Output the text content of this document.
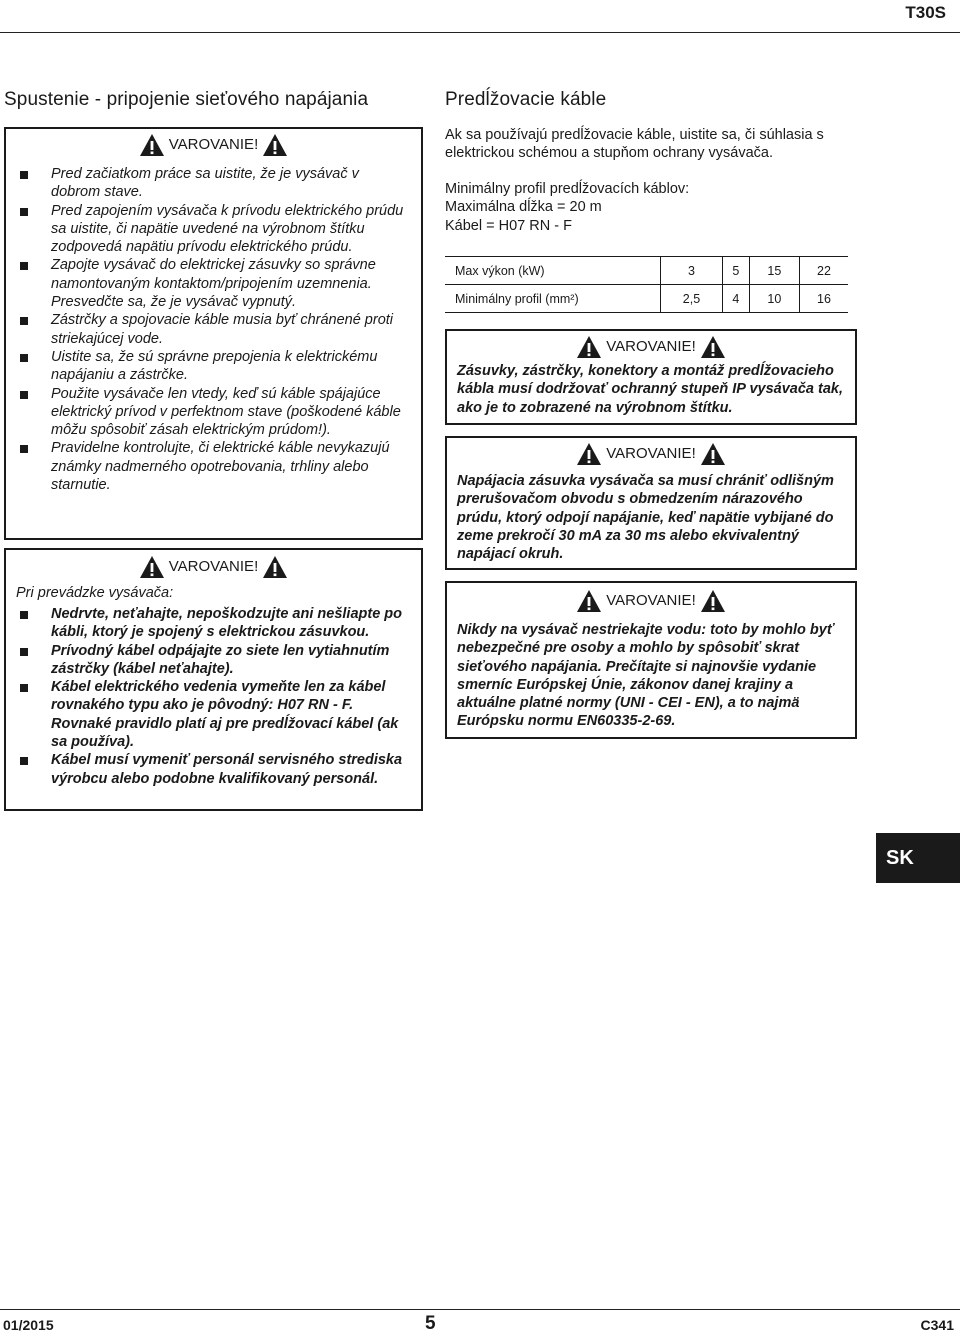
T30S
Spustenie - pripojenie sieťového napájania
VAROVANIE!
Pred začiatkom práce sa uistite, že je vysávač v dobrom stave.
Pred zapojením vysávača k prívodu elektrického prúdu sa uistite, či napätie uvedené na výrobnom štítku zodpovedá napätiu prívodu elektrického prúdu.
Zapojte vysávač do elektrickej zásuvky so správne namontovaným kontaktom/pripojením uzemnenia. Presvedčte sa, že je vysávač vypnutý.
Zástrčky a spojovacie káble musia byť chránené proti striekajúcej vode.
Uistite sa, že sú správne prepojenia k elektrickému napájaniu a zástrčke.
Použite vysávače len vtedy, keď sú káble spájajúce elektrický prívod v perfektnom stave (poškodené káble môžu spôsobiť zásah elektrickým prúdom!).
Pravidelne kontrolujte, či elektrické káble nevykazujú známky nadmerného opotrebovania, trhliny alebo starnutie.
VAROVANIE!
Pri prevádzke vysávača:
Nedrvte, neťahajte, nepoškodzujte ani nešliapte po kábli, ktorý je spojený s elektrickou zásuvkou.
Prívodný kábel odpájajte zo siete len vytiahnutím zástrčky (kábel neťahajte).
Kábel elektrického vedenia vymeňte len za kábel rovnakého typu ako je pôvodný: H07 RN - F. Rovnaké pravidlo platí aj pre predĺžovací kábel (ak sa používa).
Kábel musí vymeniť personál servisného strediska výrobcu alebo podobne kvalifikovaný personál.
Predĺžovacie káble
Ak sa používajú predĺžovacie káble, uistite sa, či súhlasia s elektrickou schémou a stupňom ochrany vysávača.
Minimálny profil predĺžovacích káblov:
Maximálna dĺžka = 20 m
Kábel = H07 RN - F
Max výkon (kW)	3	5	15	22
Minimálny profil (mm²)	2,5	4	10	16
VAROVANIE!
Zásuvky, zástrčky, konektory a montáž predĺžovacieho kábla musí dodržovať ochranný stupeň IP vysávača tak, ako je to zobrazené na výrobnom štítku.
VAROVANIE!
Napájacia zásuvka vysávača sa musí chrániť odlišným prerušovačom obvodu s obmedzením nárazového prúdu, ktorý odpojí napájanie, keď napätie vybijané do zeme prekročí 30 mA za 30 ms alebo ekvivalentný napájací okruh.
VAROVANIE!
Nikdy na vysávač nestriekajte vodu: toto by mohlo byť nebezpečné pre osoby a mohlo by spôsobiť skrat sieťového napájania. Prečítajte si najnovšie vydanie smerníc Európskej Únie, zákonov danej krajiny a aktuálne platné normy (UNI - CEI - EN), a to najmä Európsku normu EN60335-2-69.
SK
01/2015	5	C341
